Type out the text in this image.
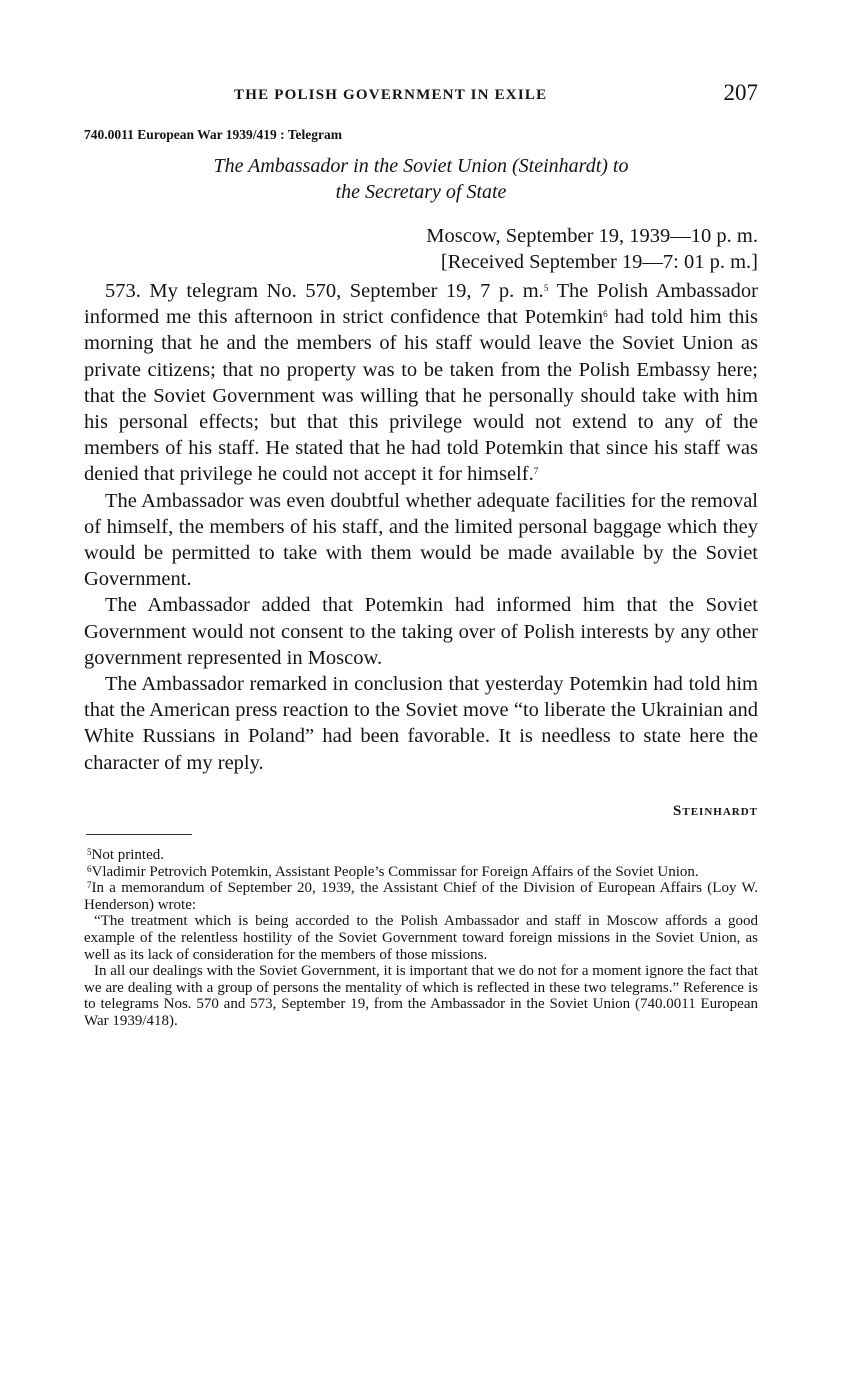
THE POLISH GOVERNMENT IN EXILE	207
740.0011 European War 1939/419 : Telegram
The Ambassador in the Soviet Union (Steinhardt) to
the Secretary of State
Moscow, September 19, 1939—10 p. m.
[Received September 19—7: 01 p. m.]

573. My telegram No. 570, September 19, 7 p. m.$^5$ The Polish Ambassador informed me this afternoon in strict confidence that Potemkin$^6$ had told him this morning that he and the members of his staff would leave the Soviet Union as private citizens; that no property was to be taken from the Polish Embassy here; that the Soviet Government was willing that he personally should take with him his personal effects; but that this privilege would not extend to any of the members of his staff. He stated that he had told Potemkin that since his staff was denied that privilege he could not accept it for himself.$^7$

The Ambassador was even doubtful whether adequate facilities for the removal of himself, the members of his staff, and the limited personal baggage which they would be permitted to take with them would be made available by the Soviet Government.

The Ambassador added that Potemkin had informed him that the Soviet Government would not consent to the taking over of Polish interests by any other government represented in Moscow.

The Ambassador remarked in conclusion that yesterday Potemkin had told him that the American press reaction to the Soviet move “to liberate the Ukrainian and White Russians in Poland” had been favorable. It is needless to state here the character of my reply.

Steinhardt

$^5$Not printed.

$^6$Vladimir Petrovich Potemkin, Assistant People’s Commissar for Foreign Affairs of the Soviet Union.

$^7$In a memorandum of September 20, 1939, the Assistant Chief of the Division of European Affairs (Loy W. Henderson) wrote:

“The treatment which is being accorded to the Polish Ambassador and staff in Moscow affords a good example of the relentless hostility of the Soviet Government toward foreign missions in the Soviet Union, as well as its lack of consideration for the members of those missions.

In all our dealings with the Soviet Government, it is important that we do not for a moment ignore the fact that we are dealing with a group of persons the mentality of which is reflected in these two telegrams.” Reference is to telegrams Nos. 570 and 573, September 19, from the Ambassador in the Soviet Union (740.0011 European War 1939/418).
